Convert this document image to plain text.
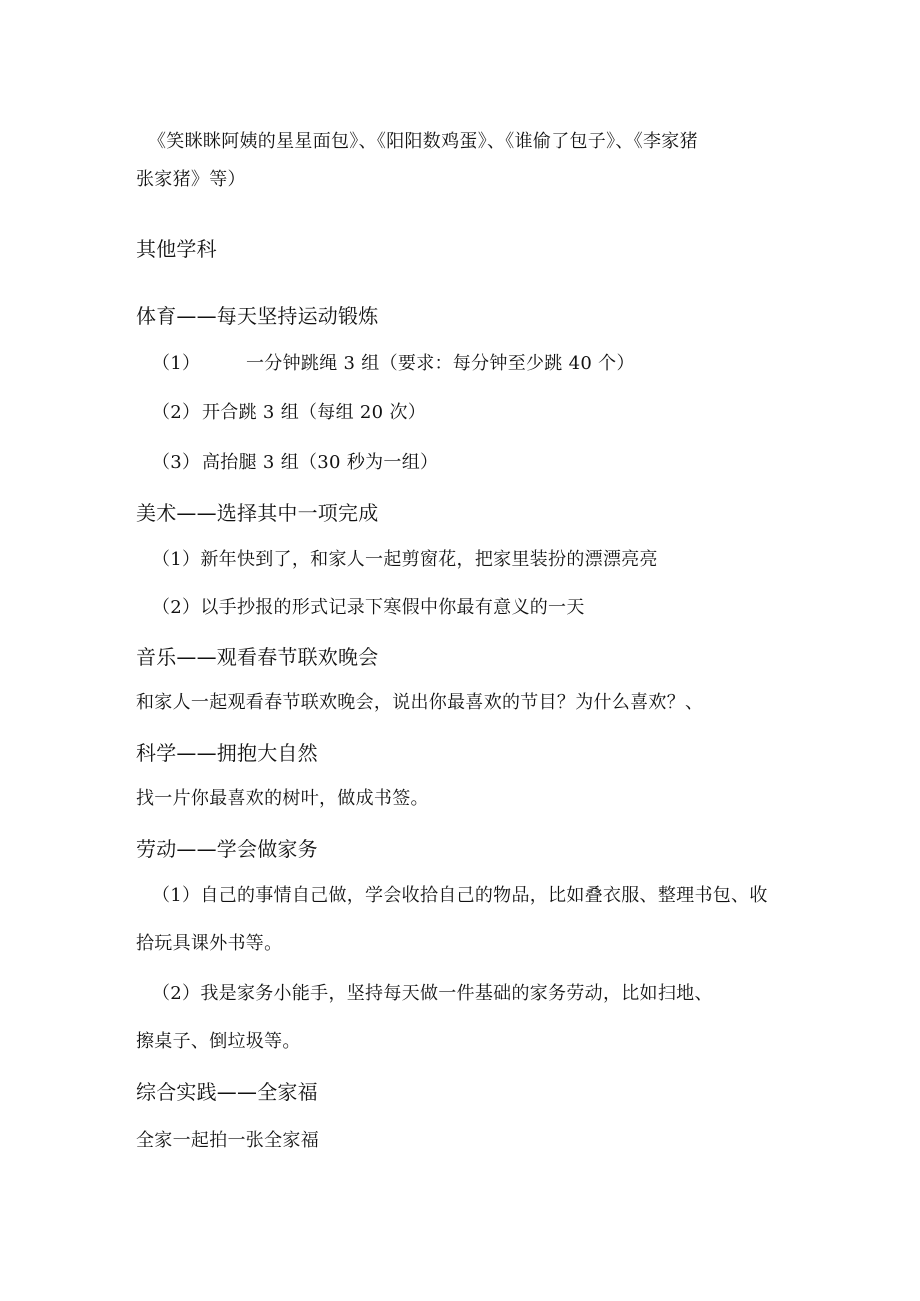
《笑眯眯阿姨的星星面包》、《阳阳数鸡蛋》、《谁偷了包子》、《李家猪
张家猪》等）
其他学科
体育——每天坚持运动锻炼
（1）	一分钟跳绳 3 组（要求：每分钟至少跳 40 个）
（2） 开合跳 3 组（每组 20 次）
（3） 高抬腿 3 组（30 秒为一组）
美术——选择其中一项完成
（1）新年快到了，和家人一起剪窗花，把家里装扮的漂漂亮亮
（2）以手抄报的形式记录下寒假中你最有意义的一天
音乐——观看春节联欢晚会
和家人一起观看春节联欢晚会，说出你最喜欢的节目？为什么喜欢？、
科学——拥抱大自然
找一片你最喜欢的树叶，做成书签。
劳动——学会做家务
（1）自己的事情自己做，学会收拾自己的物品，比如叠衣服、整理书包、收
拾玩具课外书等。
（2）我是家务小能手，坚持每天做一件基础的家务劳动，比如扫地、
擦桌子、倒垃圾等。
综合实践——全家福
全家一起拍一张全家福
